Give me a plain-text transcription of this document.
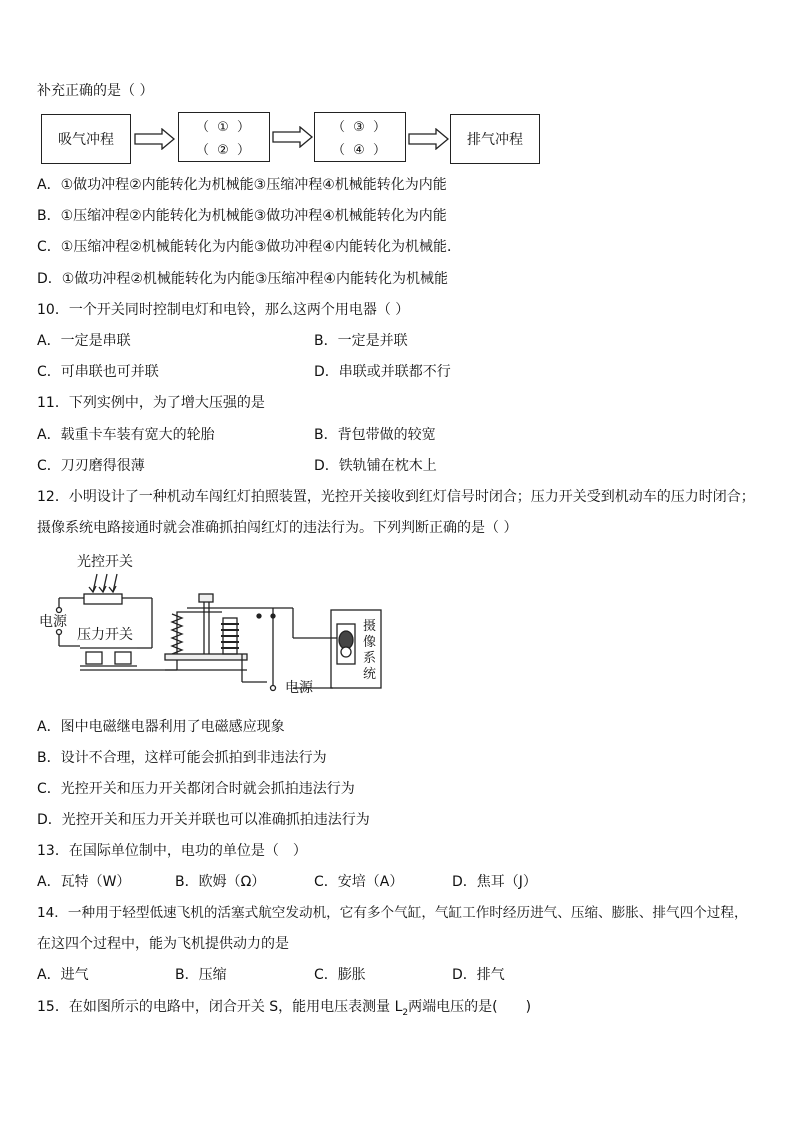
补充正确的是（ ）
吸气冲程
（ ① ）
（ ② ）
（ ③ ）
（ ④ ）
排气冲程
A．①做功冲程②内能转化为机械能③压缩冲程④机械能转化为内能
B．①压缩冲程②内能转化为机械能③做功冲程④机械能转化为内能
C．①压缩冲程②机械能转化为内能③做功冲程④内能转化为机械能．
D．①做功冲程②机械能转化为内能③压缩冲程④内能转化为机械能
10．一个开关同时控制电灯和电铃，那么这两个用电器（ ）
A．一定是串联	B．一定是并联
C．可串联也可并联	D．串联或并联都不行
11．下列实例中，为了增大压强的是
A．载重卡车装有宽大的轮胎	B．背包带做的较宽
C．刀刃磨得很薄	D．铁轨铺在枕木上
12．小明设计了一种机动车闯红灯拍照装置，光控开关接收到红灯信号时闭合；压力开关受到机动车的压力时闭合；
摄像系统电路接通时就会准确抓拍闯红灯的违法行为。下列判断正确的是（ ）
光控开关
电源
压力开关
电源
摄 像系统
A．图中电磁继电器利用了电磁感应现象
B．设计不合理，这样可能会抓拍到非违法行为
C．光控开关和压力开关都闭合时就会抓拍违法行为
D．光控开关和压力开关并联也可以准确抓拍违法行为
13．在国际单位制中，电功的单位是（　）
A．瓦特（W）	B．欧姆（Ω）	C．安培（A）	D．焦耳（J）
14．一种用于轻型低速飞机的活塞式航空发动机，它有多个气缸，气缸工作时经历进气、压缩、膨胀、排气四个过程，
在这四个过程中，能为飞机提供动力的是
A．进气	B．压缩	C．膨胀	D．排气
15．在如图所示的电路中，闭合开关 S，能用电压表测量 $L_2$两端电压的是(　　)
